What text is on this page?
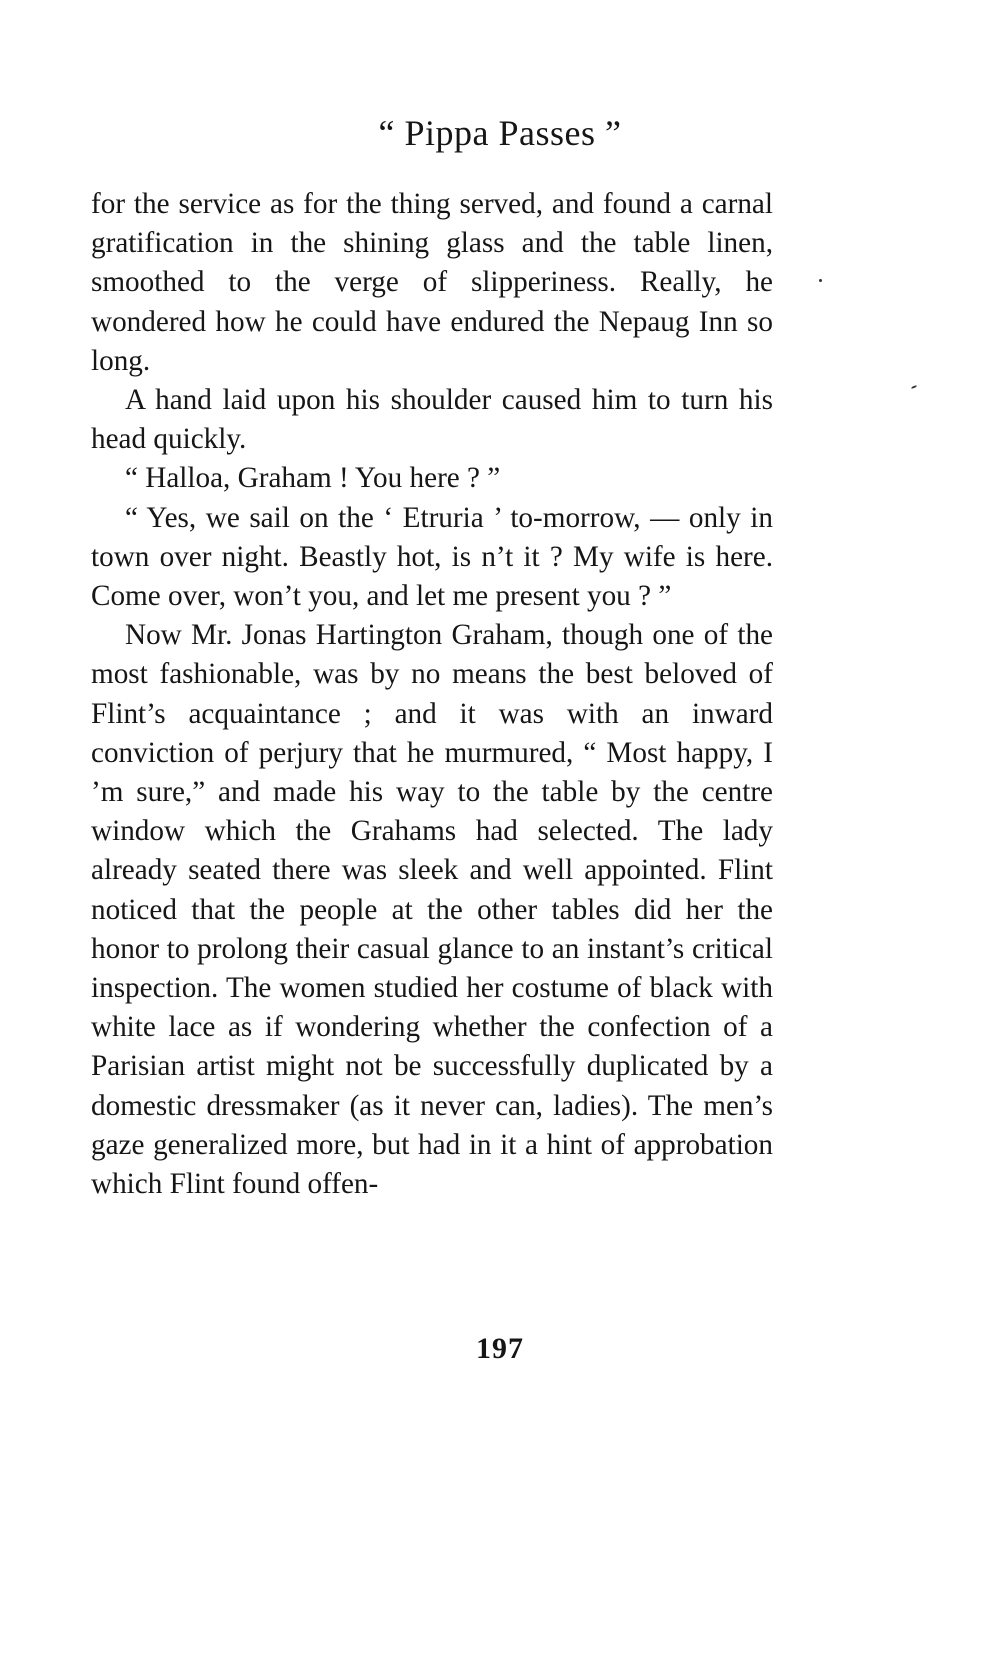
“ Pippa Passes ”

for the service as for the thing served, and found a carnal gratification in the shining glass and the table linen, smoothed to the verge of slipperiness. Really, he wondered how he could have endured the Nepaug Inn so long.

A hand laid upon his shoulder caused him to turn his head quickly.

“ Halloa, Graham ! You here ? ”

“ Yes, we sail on the ‘ Etruria ’ to-morrow, — only in town over night. Beastly hot, is n’t it ? My wife is here. Come over, won’t you, and let me present you ? ”

Now Mr. Jonas Hartington Graham, though one of the most fashionable, was by no means the best beloved of Flint’s acquaintance ; and it was with an inward conviction of perjury that he murmured, “ Most happy, I ’m sure,” and made his way to the table by the centre window which the Grahams had selected. The lady already seated there was sleek and well appointed. Flint noticed that the people at the other tables did her the honor to prolong their casual glance to an instant’s critical inspection. The women studied her costume of black with white lace as if wondering whether the confection of a Parisian artist might not be successfully duplicated by a domestic dressmaker (as it never can, ladies). The men’s gaze generalized more, but had in it a hint of approbation which Flint found offen-

197
